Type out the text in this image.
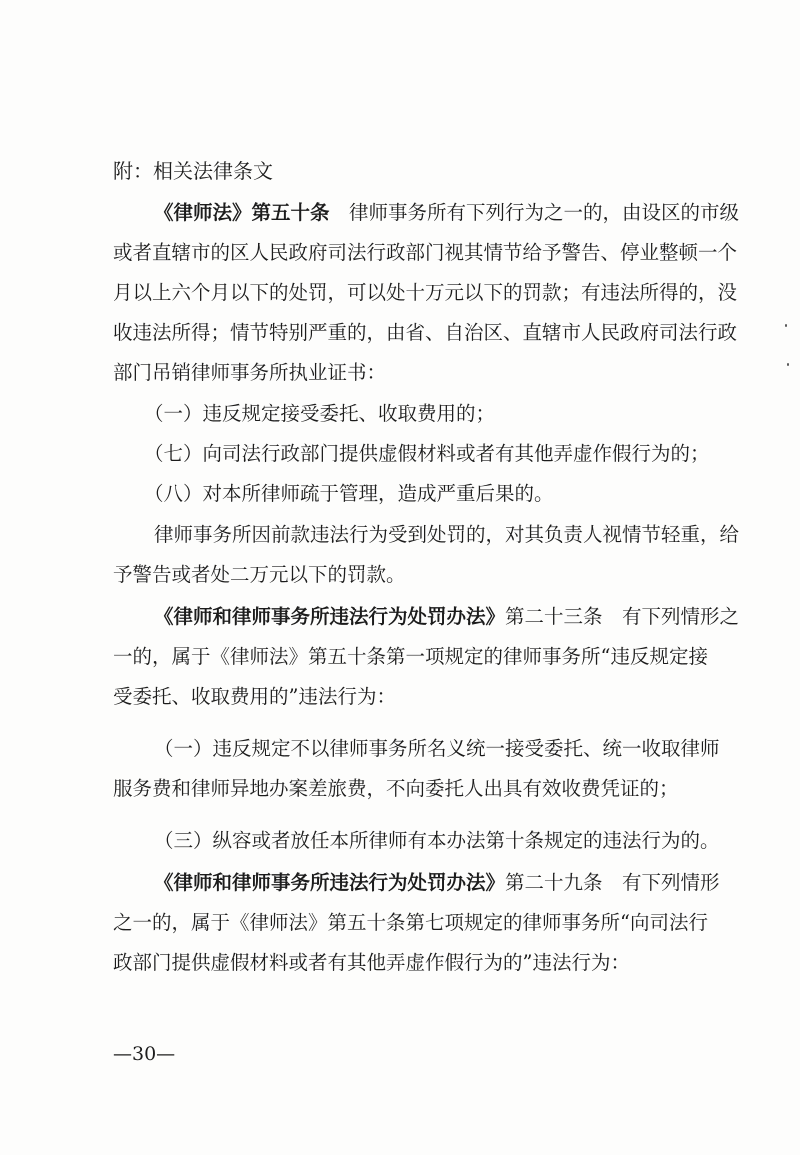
附：相关法律条文
《律师法》第五十条　 律师事务所有下列行为之一的，由设区的市级
或者直辖市的区人民政府司法行政部门视其情节给予警告、停业整顿一个
月以上六个月以下的处罚，可以处十万元以下的罚款；有违法所得的，没
收违法所得；情节特别严重的，由省、自治区、直辖市人民政府司法行政
部门吊销律师事务所执业证书：
（一）违反规定接受委托、收取费用的；
（七）向司法行政部门提供虚假材料或者有其他弄虚作假行为的；
（八）对本所律师疏于管理，造成严重后果的。
律师事务所因前款违法行为受到处罚的，对其负责人视情节轻重，给
予警告或者处二万元以下的罚款。
《律师和律师事务所违法行为处罚办法》第二十三条　有下列情形之
一的，属于《律师法》第五十条第一项规定的律师事务所“违反规定接
受委托、收取费用的”违法行为：
（一）违反规定不以律师事务所名义统一接受委托、统一收取律师
服务费和律师异地办案差旅费，不向委托人出具有效收费凭证的；
（三）纵容或者放任本所律师有本办法第十条规定的违法行为的。
《律师和律师事务所违法行为处罚办法》第二十九条　有下列情形
之一的，属于《律师法》第五十条第七项规定的律师事务所“向司法行
政部门提供虚假材料或者有其他弄虚作假行为的”违法行为：
—30—
